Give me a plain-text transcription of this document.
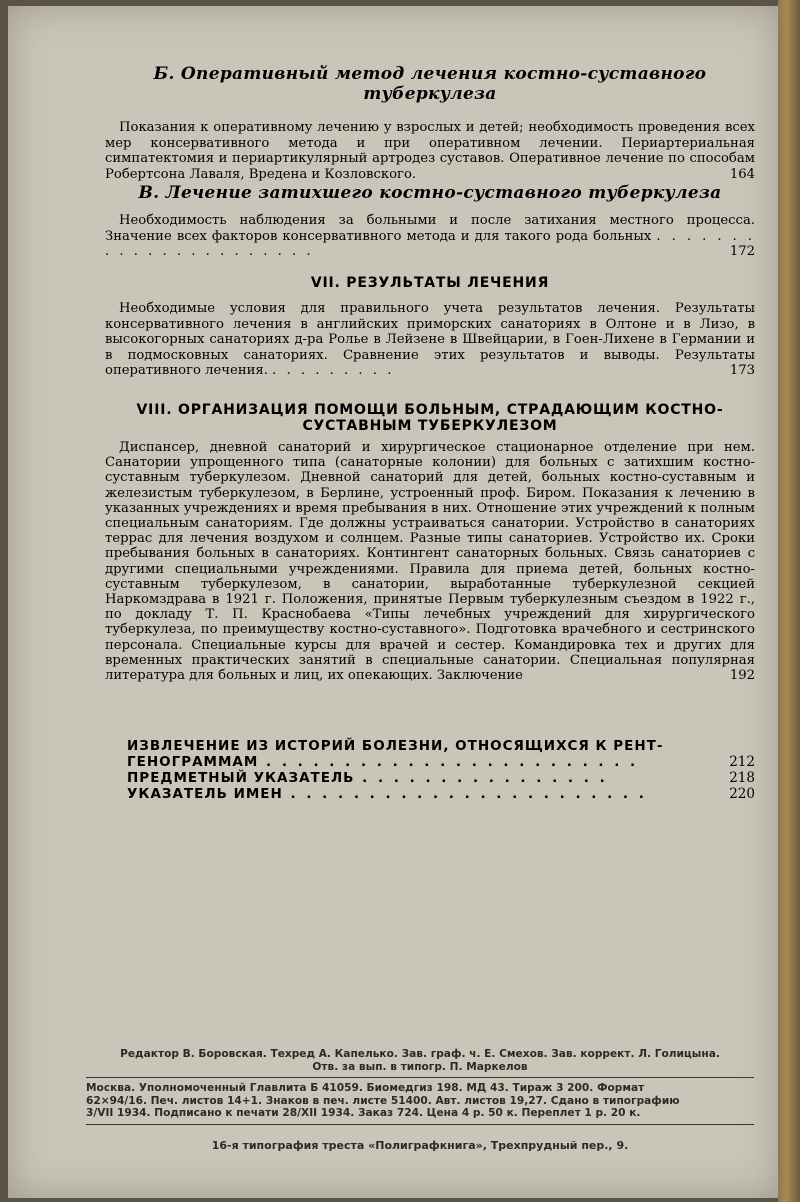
Б. Оперативный метод лечения костно-суставного туберкулеза

Показания к оперативному лечению у взрослых и детей; необходимость проведения всех мер консервативного метода и при оперативном лечении. Периартериальная симпатектомия и периартикулярный артродез суставов. Оперативное лечение по способам Робертсона Лаваля, Вредена и Козловского.	164

В. Лечение затихшего костно-суставного туберкулеза

Необходимость наблюдения за больными и после затихания местного процесса. Значение всех факторов консервативного метода и для такого рода больных . . . . . . . . . . . . . . . . . . . . . .	172

VII. РЕЗУЛЬТАТЫ ЛЕЧЕНИЯ

Необходимые условия для правильного учета результатов лечения. Результаты консервативного лечения в английских приморских санаториях в Олтоне и в Лизо, в высокогорных санаториях д-ра Ролье в Лейзене в Швейцарии, в Гоен-Лихене в Германии и в подмосковных санаториях. Сравнение этих результатов и выводы. Результаты оперативного лечения. . . . . . . . . .	173

VIII. ОРГАНИЗАЦИЯ ПОМОЩИ БОЛЬНЫМ, СТРАДАЮЩИМ КОСТНО-
СУСТАВНЫМ ТУБЕРКУЛЕЗОМ

Диспансер, дневной санаторий и хирургическое стационарное отделение при нем. Санатории упрощенного типа (санаторные колонии) для больных с затихшим костно-суставным туберкулезом. Дневной санаторий для детей, больных костно-суставным и железистым туберкулезом, в Берлине, устроенный проф. Биром. Показания к лечению в указанных учреждениях и время пребывания в них. Отношение этих учреждений к полным специальным санаториям. Где должны устраиваться санатории. Устройство в санаториях террас для лечения воздухом и солнцем. Разные типы санаториев. Устройство их. Сроки пребывания больных в санаториях. Контингент санаторных больных. Связь санаториев с другими специальными учреждениями. Правила для приема детей, больных костно-суставным туберкулезом, в санатории, выработанные туберкулезной секцией Наркомздрава в 1921 г. Положения, принятые Первым туберкулезным съездом в 1922 г., по докладу Т. П. Краснобаева «Типы лечебных учреждений для хирургического туберкулеза, по преимуществу костно-суставного». Подготовка врачебного и сестринского персонала. Специальные курсы для врачей и сестер. Командировка тех и других для временных практических занятий в специальные санатории. Специальная популярная литература для больных и лиц, их опекающих. Заключение	192

ИЗВЛЕЧЕНИЕ ИЗ ИСТОРИЙ БОЛЕЗНИ, ОТНОСЯЩИХСЯ К РЕНТ-
ГЕНОГРАММАМ . . . . . . . . . . . . . . . . . . . . . . . .	212
ПРЕДМЕТНЫЙ УКАЗАТЕЛЬ . . . . . . . . . . . . . . . .	218
УКАЗАТЕЛЬ ИМЕН . . . . . . . . . . . . . . . . . . . . . . .	220
Редактор В. Боровская. Техред А. Капелько. Зав. граф. ч. Е. Смехов. Зав. коррект. Л. Голицына.
Отв. за вып. в типогр. П. Маркелов
Москва. Уполномоченный Главлита Б 41059. Биомедгиз 198. МД 43. Тираж 3 200. Формат
62×94/16. Печ. листов 14+1. Знаков в печ. листе 51400. Авт. листов 19,27. Сдано в типографию
3/VII 1934. Подписано к печати 28/XII 1934. Заказ 724. Цена 4 р. 50 к. Переплет 1 р. 20 к.
16-я типография треста «Полиграфкнига», Трехпрудный пер., 9.
